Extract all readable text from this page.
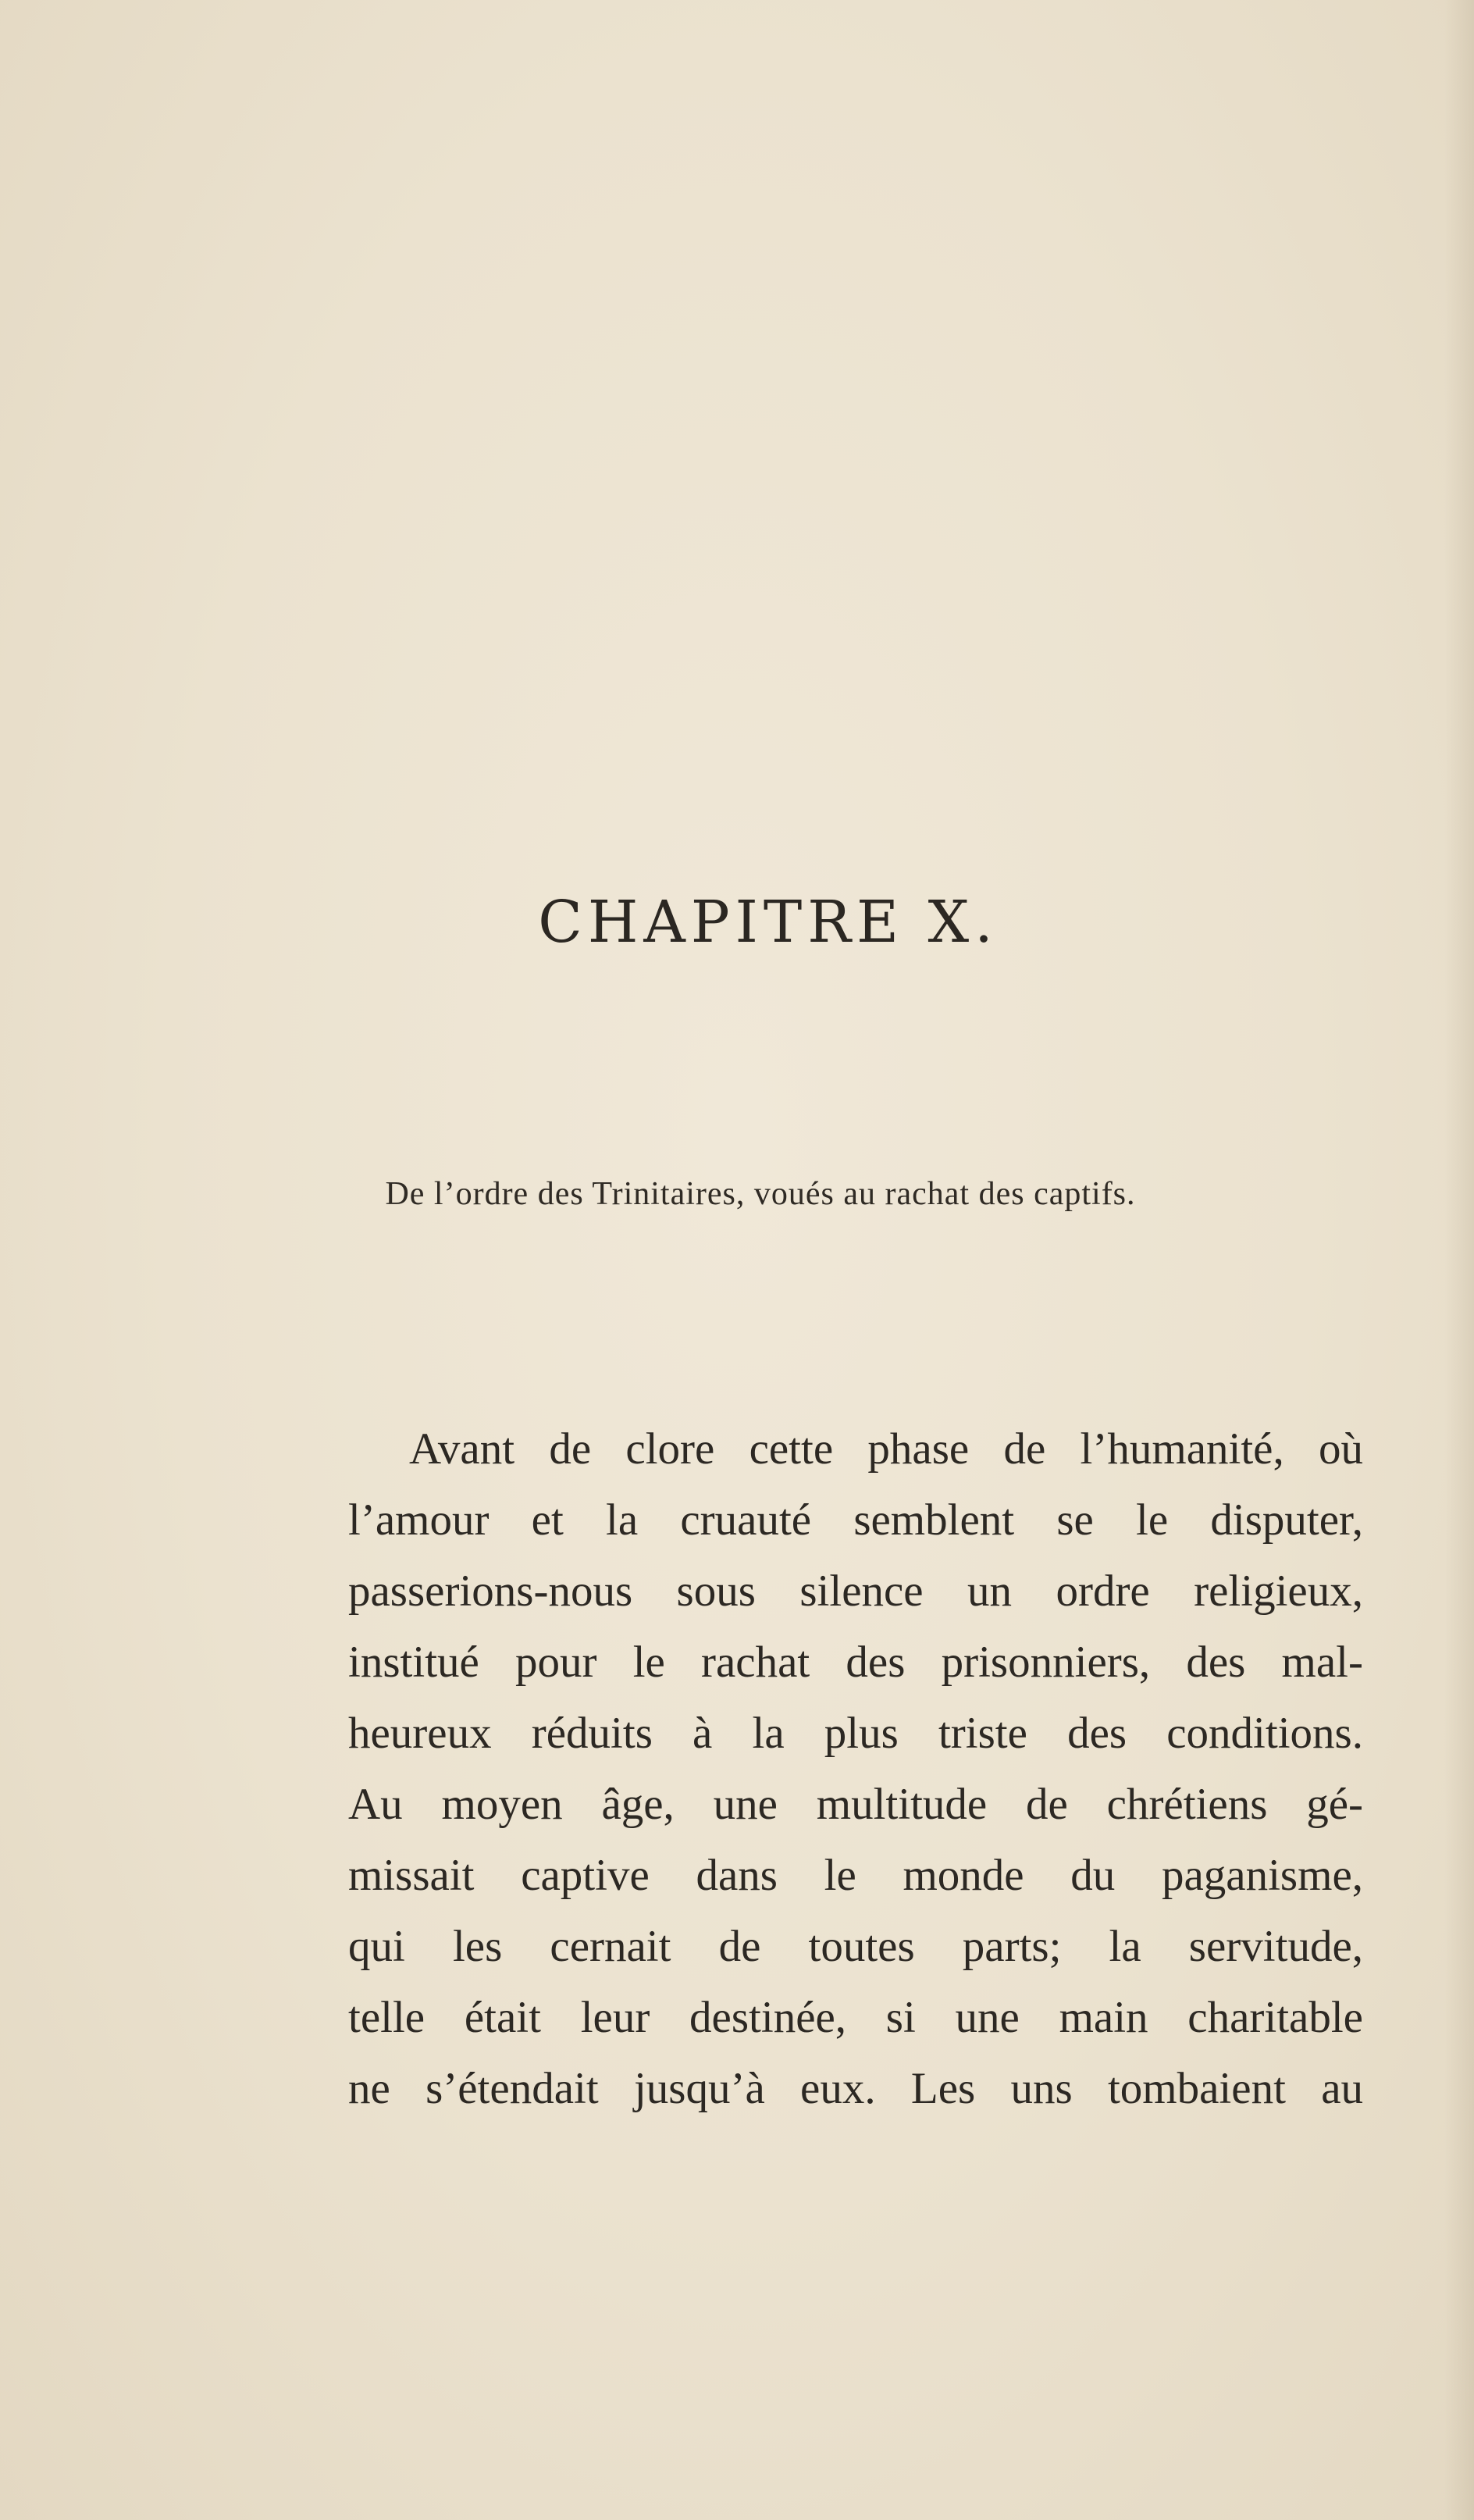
CHAPITRE X.

De l’ordre des Trinitaires, voués au rachat des captifs.

Avant de clore cette phase de l’humanité, où
l’amour et la cruauté semblent se le disputer,
passerions-nous sous silence un ordre religieux,
institué pour le rachat des prisonniers, des mal-
heureux réduits à la plus triste des conditions.
Au moyen âge, une multitude de chrétiens gé-
missait captive dans le monde du paganisme,
qui les cernait de toutes parts; la servitude,
telle était leur destinée, si une main charitable
ne s’étendait jusqu’à eux. Les uns tombaient au
